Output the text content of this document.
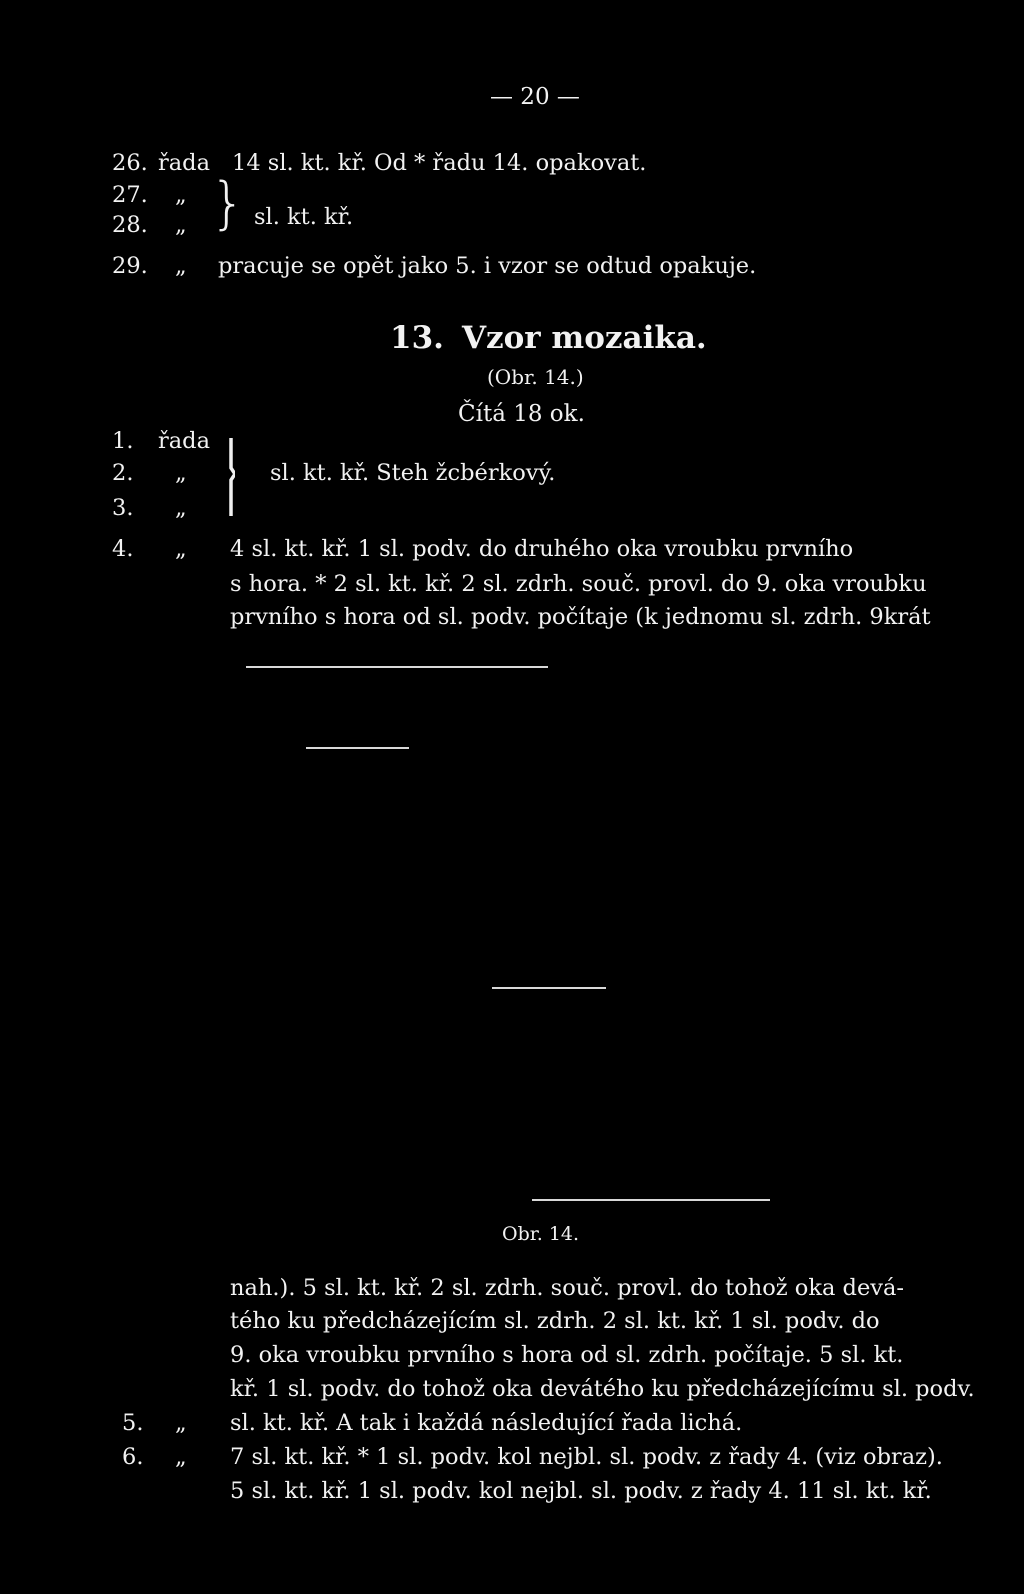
— 20 —
26. řada 14 sl. kt. kř. Od * řadu 14. opakovat.
27. „
28. „ } sl. kt. kř.
29. „ pracuje se opět jako 5. i vzor se odtud opakuje.
13. Vzor mozaika.
(Obr. 14.)
Čítá 18 ok.
1. řada
2. „	sl. kt. kř. Steh žcbérkový.
3. „
4. „ 4 sl. kt. kř. 1 sl. podv. do druhého oka vroubku prvního
s hora. * 2 sl. kt. kř. 2 sl. zdrh. souč. provl. do 9. oka vroubku
prvního s hora od sl. podv. počítaje (k jednomu sl. zdrh. 9krát
Obr. 14.
nah.). 5 sl. kt. kř. 2 sl. zdrh. souč. provl. do tohož oka devá-
tého ku předcházejícím sl. zdrh. 2 sl. kt. kř. 1 sl. podv. do
9. oka vroubku prvního s hora od sl. zdrh. počítaje. 5 sl. kt.
kř. 1 sl. podv. do tohož oka devátého ku předcházejícímu sl. podv.
5. „ sl. kt. kř. A tak i každá následující řada lichá.
6. „ 7 sl. kt. kř. * 1 sl. podv. kol nejbl. sl. podv. z řady 4. (viz obraz).
5 sl. kt. kř. 1 sl. podv. kol nejbl. sl. podv. z řady 4. 11 sl. kt. kř.
